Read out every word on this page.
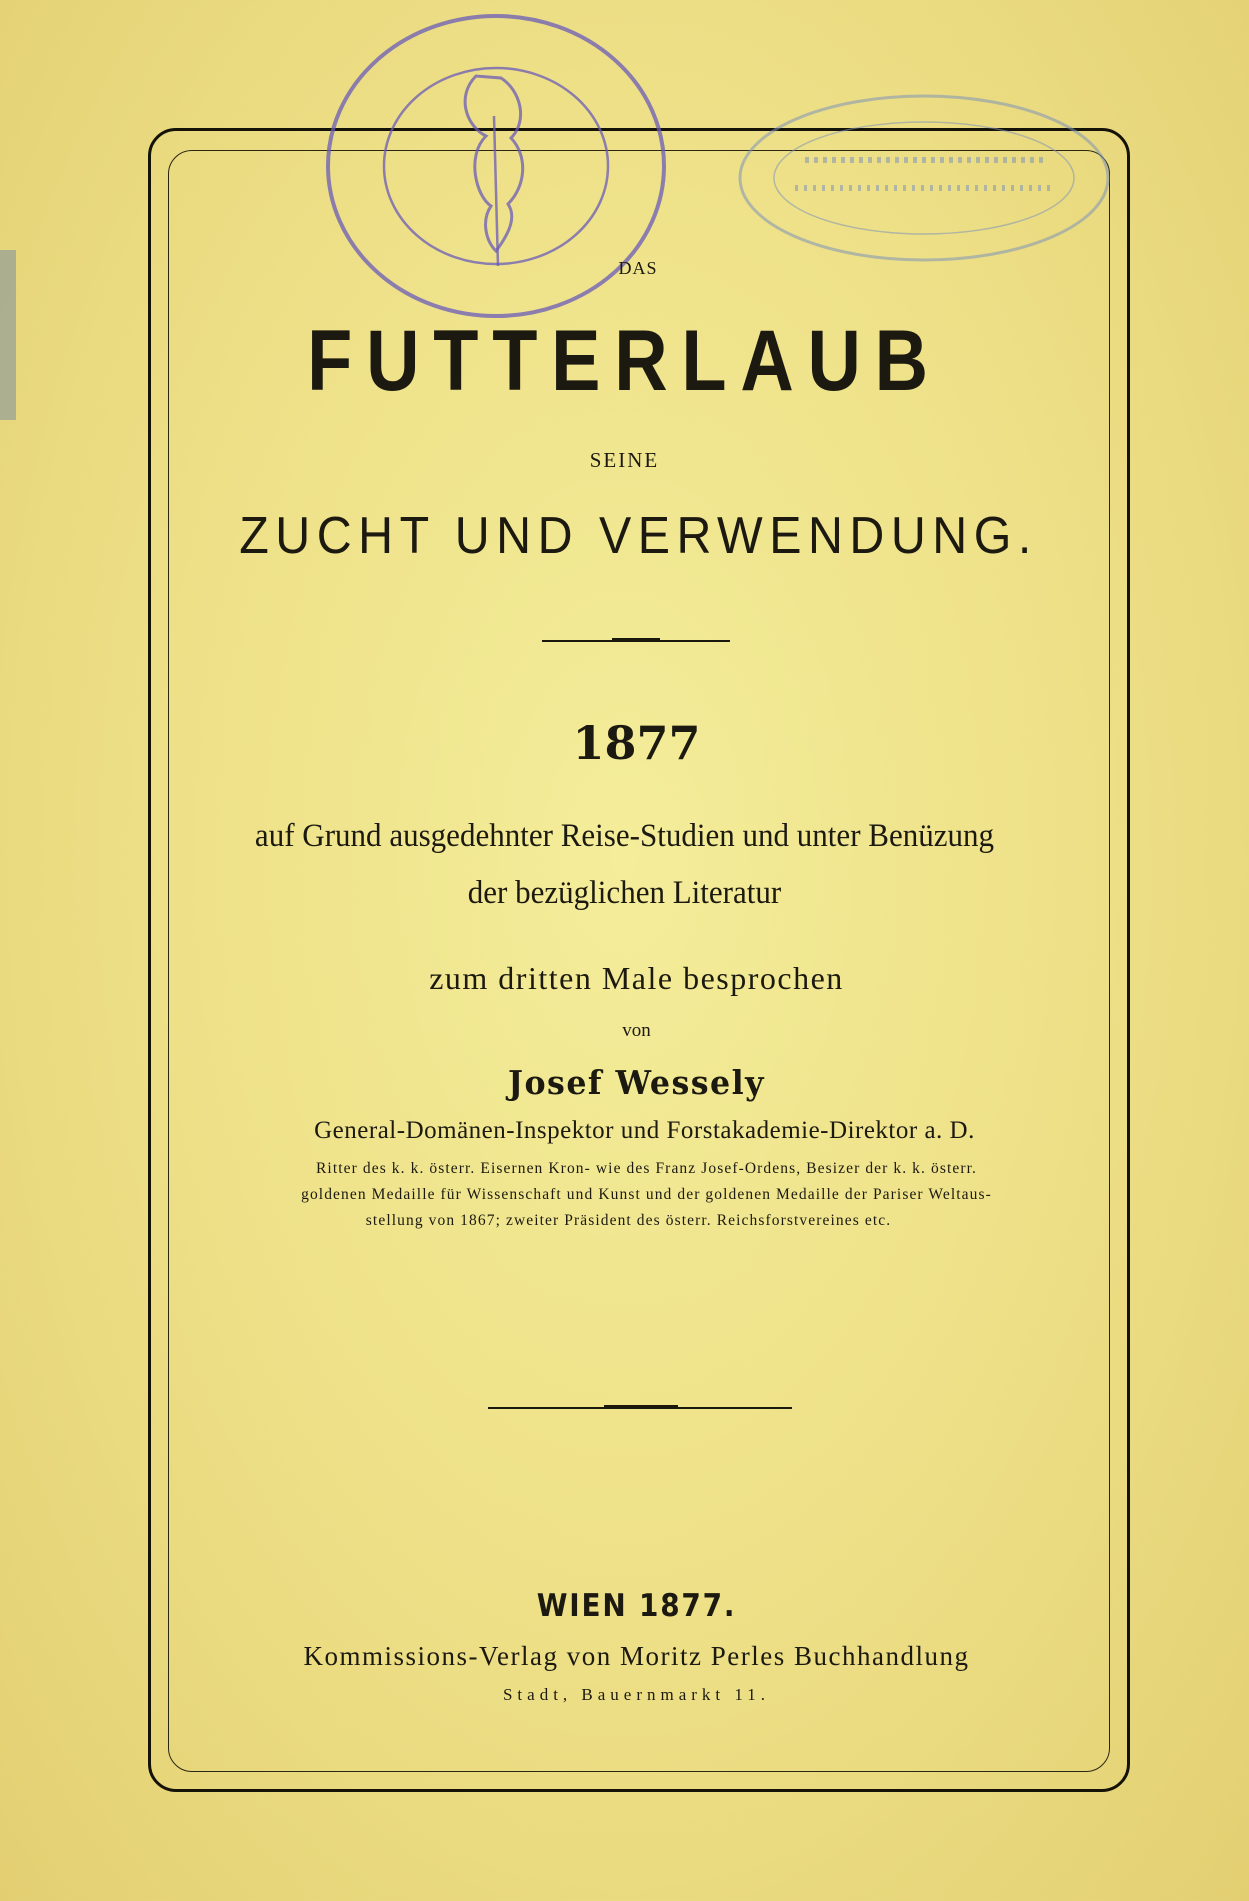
DAS
FUTTERLAUB
SEINE
ZUCHT UND VERWENDUNG.
1877
auf Grund ausgedehnter Reise-Studien und unter Benüzung
der bezüglichen Literatur
zum dritten Male besprochen
von
Josef Wessely
General-Domänen-Inspektor und Forstakademie-Direktor a. D.
Ritter des k. k. österr. Eisernen Kron- wie des Franz Josef-Ordens, Besizer der k. k. österr.
goldenen Medaille für Wissenschaft und Kunst und der goldenen Medaille der Pariser Weltaus-
stellung von 1867; zweiter Präsident des österr. Reichsforstvereines etc.
WIEN 1877.
Kommissions-Verlag von Moritz Perles Buchhandlung
Stadt, Bauernmarkt 11.
